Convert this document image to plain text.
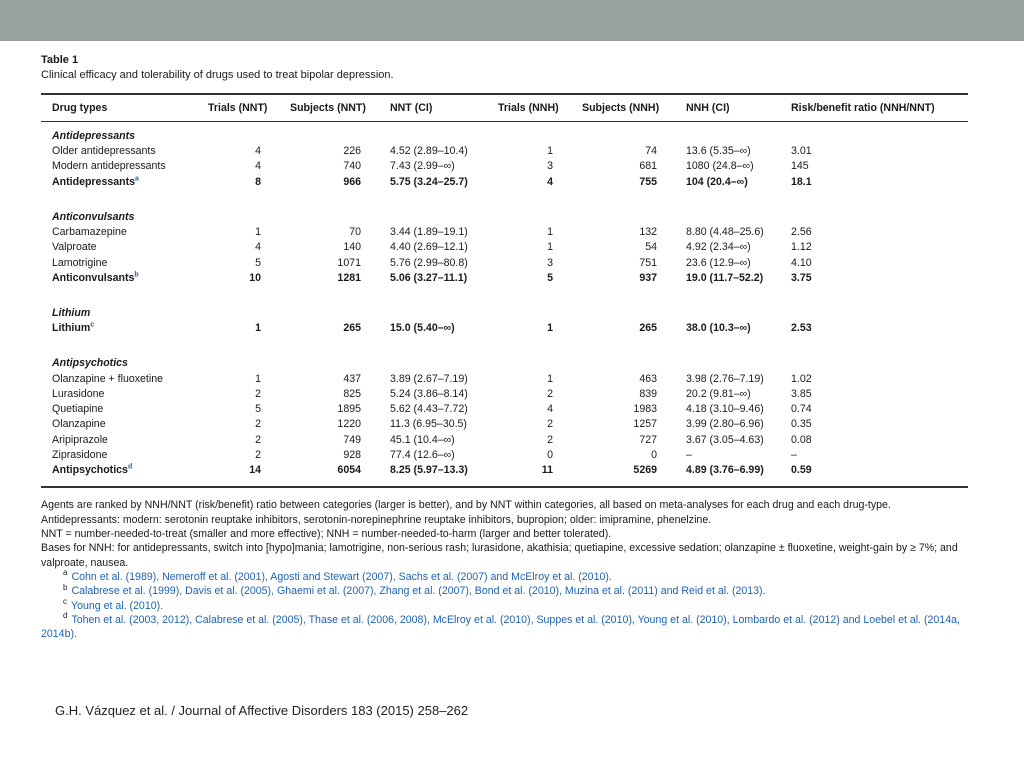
Table 1
Clinical efficacy and tolerability of drugs used to treat bipolar depression.
Drug types	Trials (NNT)	Subjects (NNT)	NNT (CI)	Trials (NNH)	Subjects (NNH)	NNH (CI)	Risk/benefit ratio (NNH/NNT)
Antidepressants							
Older antidepressants	4	226	4.52 (2.89–10.4)	1	74	13.6 (5.35–∞)	3.01
Modern antidepressants	4	740	7.43 (2.99–∞)	3	681	1080 (24.8–∞)	145
Antidepressants$^a$	8	966	5.75 (3.24–25.7)	4	755	104 (20.4–∞)	18.1

Anticonvulsants							
Carbamazepine	1	70	3.44 (1.89–19.1)	1	132	8.80 (4.48–25.6)	2.56
Valproate	4	140	4.40 (2.69–12.1)	1	54	4.92 (2.34–∞)	1.12
Lamotrigine	5	1071	5.76 (2.99–80.8)	3	751	23.6 (12.9–∞)	4.10
Anticonvulsants$^b$	10	1281	5.06 (3.27–11.1)	5	937	19.0 (11.7–52.2)	3.75

Lithium							
Lithium$^c$	1	265	15.0 (5.40–∞)	1	265	38.0 (10.3–∞)	2.53

Antipsychotics							
Olanzapine + fluoxetine	1	437	3.89 (2.67–7.19)	1	463	3.98 (2.76–7.19)	1.02
Lurasidone	2	825	5.24 (3.86–8.14)	2	839	20.2 (9.81–∞)	3.85
Quetiapine	5	1895	5.62 (4.43–7.72)	4	1983	4.18 (3.10–9.46)	0.74
Olanzapine	2	1220	11.3 (6.95–30.5)	2	1257	3.99 (2.80–6.96)	0.35
Aripiprazole	2	749	45.1 (10.4–∞)	2	727	3.67 (3.05–4.63)	0.08
Ziprasidone	2	928	77.4 (12.6–∞)	0	0	–	–
Antipsychotics$^d$	14	6054	8.25 (5.97–13.3)	11	5269	4.89 (3.76–6.99)	0.59

Agents are ranked by NNH/NNT (risk/benefit) ratio between categories (larger is better), and by NNT within categories, all based on meta-analyses for each drug and each drug-type.

Antidepressants: modern: serotonin reuptake inhibitors, serotonin-norepinephrine reuptake inhibitors, bupropion; older: imipramine, phenelzine.

NNT = number-needed-to-treat (smaller and more effective); NNH = number-needed-to-harm (larger and better tolerated).

Bases for NNH: for antidepressants, switch into [hypo]mania; lamotrigine, non-serious rash; lurasidone, akathisia; quetiapine, excessive sedation; olanzapine ± fluoxetine, weight-gain by ≥ 7%; and valproate, nausea.

$^a$ Cohn et al. (1989), Nemeroff et al. (2001), Agosti and Stewart (2007), Sachs et al. (2007) and McElroy et al. (2010).

$^b$ Calabrese et al. (1999), Davis et al. (2005), Ghaemi et al. (2007), Zhang et al. (2007), Bond et al. (2010), Muzina et al. (2011) and Reid et al. (2013).

$^c$ Young et al. (2010).

$^d$ Tohen et al. (2003, 2012), Calabrese et al. (2005), Thase et al. (2006, 2008), McElroy et al. (2010), Suppes et al. (2010), Young et al. (2010), Lombardo et al. (2012) and Loebel et al. (2014a, 2014b).

G.H. Vázquez et al. / Journal of Affective Disorders 183 (2015) 258–262
